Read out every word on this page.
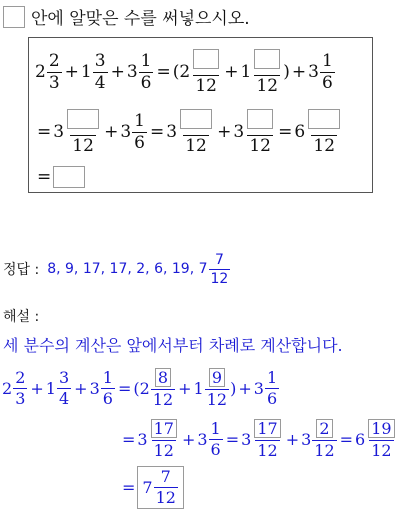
안에 알맞은 수를 써넣으시오.
$2 \frac{2}{3} + 1 \frac{3}{4} + 3 \frac{1}{6}$ = ( 2
12
+ 1
12
) + $3 \frac{1}{6}$
= 3
12
+ $3 \frac{1}{6} = 3$
12
+ 3
12
= 6
12
=
정답 : 8, 9, 17, 17, 2, 6, 19, $7 \frac{7}{12}$
해설 :
세 분수의 계산은 앞에서부터 차례로 계산합니다.
$2 \frac{2}{3} + 1 \frac{3}{4} + 3 \frac{1}{6}$ = ( $2 \frac{8}{12} + 1 \frac{9}{12}$ ) + $3 \frac{1}{6}$
= $3 \frac{17}{12} + 3 \frac{1}{6} = 3 \frac{17}{12} + 3 \frac{2}{12} = 6 \frac{19}{12}$
= $7 \frac{7}{12}$
